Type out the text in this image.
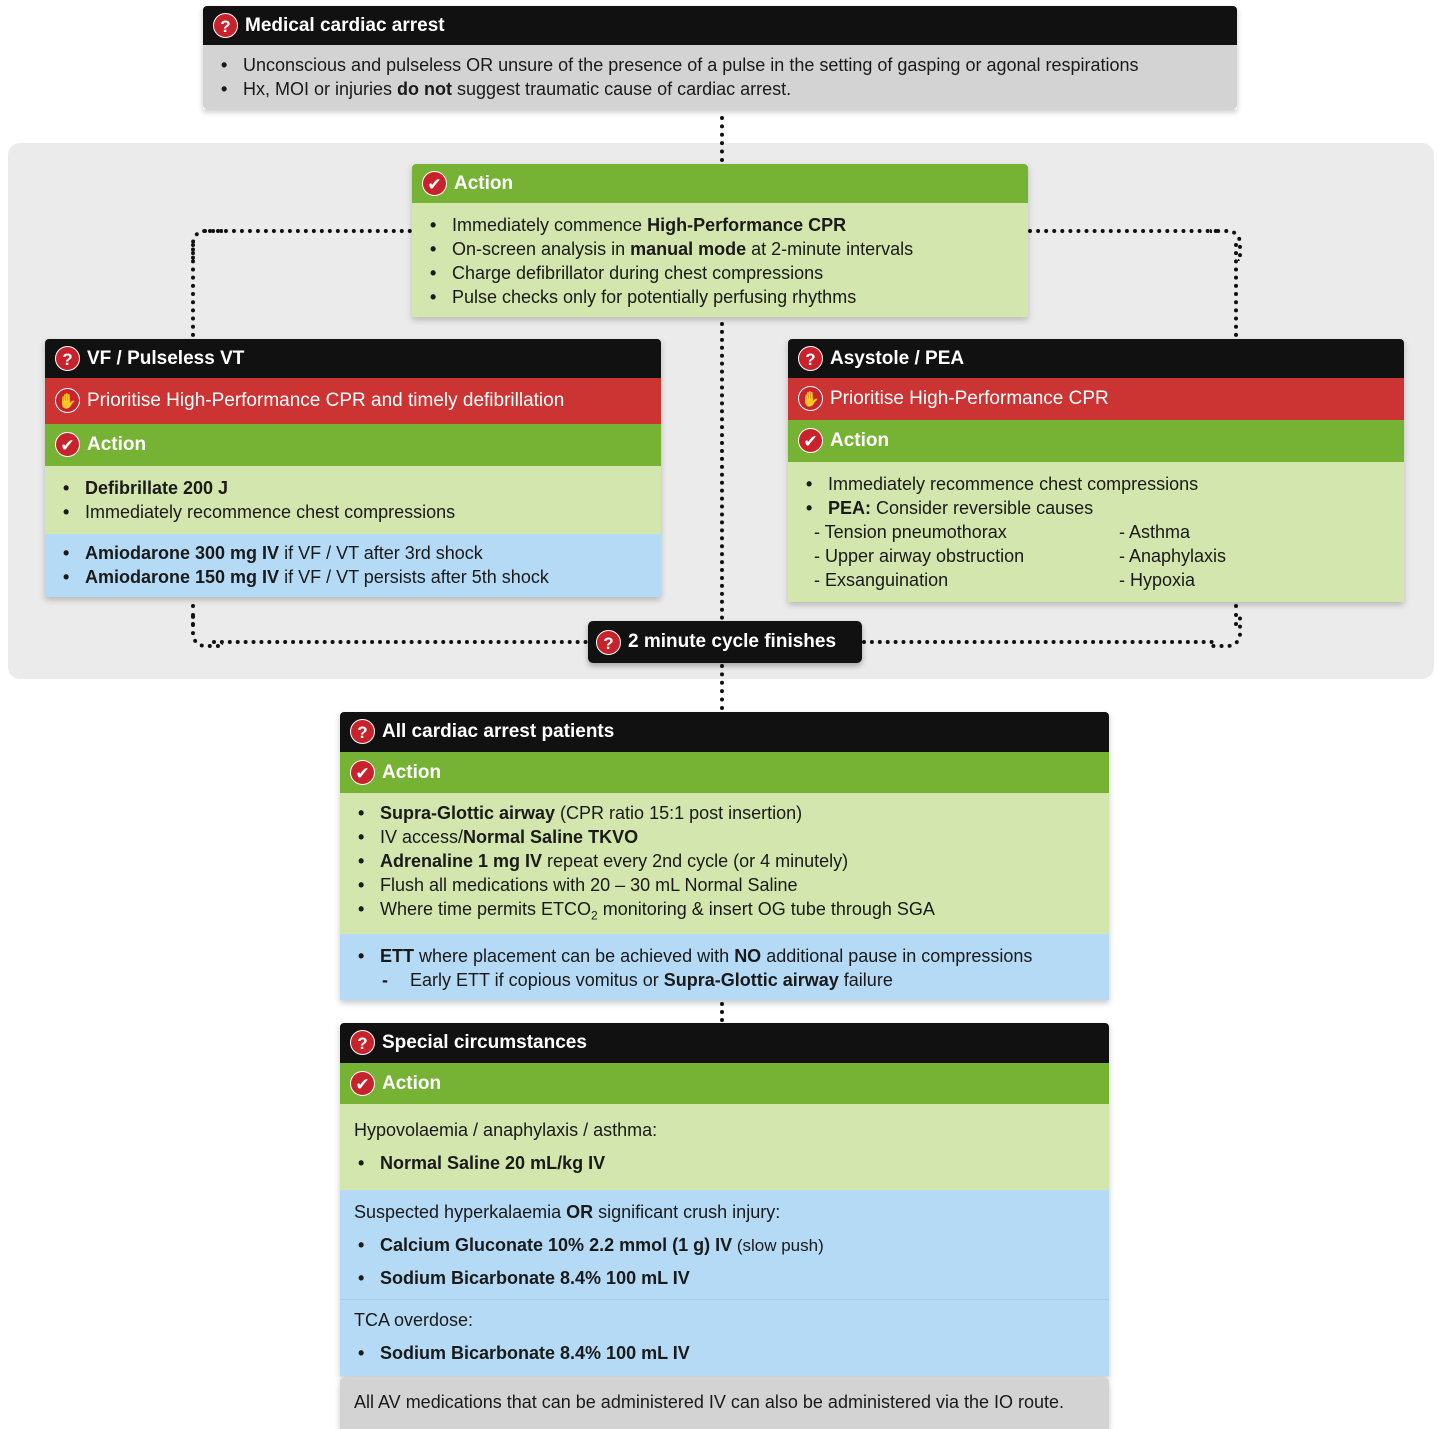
? Medical cardiac arrest
• Unconscious and pulseless OR unsure of the presence of a pulse in the setting of gasping or agonal respirations
• Hx, MOI or injuries do not suggest traumatic cause of cardiac arrest.
✔ Action
• Immediately commence High-Performance CPR
• On-screen analysis in manual mode at 2-minute intervals
• Charge defibrillator during chest compressions
• Pulse checks only for potentially perfusing rhythms
? VF / Pulseless VT
✋ Prioritise High-Performance CPR and timely defibrillation
✔ Action
• Defibrillate 200 J
• Immediately recommence chest compressions
• Amiodarone 300 mg IV if VF / VT after 3rd shock
• Amiodarone 150 mg IV if VF / VT persists after 5th shock
? Asystole / PEA
✋ Prioritise High-Performance CPR
✔ Action
• Immediately recommence chest compressions
• PEA: Consider reversible causes
- Tension pneumothorax
- Upper airway obstruction
- Exsanguination
- Asthma
- Anaphylaxis
- Hypoxia
? 2 minute cycle finishes
? All cardiac arrest patients
✔ Action
• Supra-Glottic airway (CPR ratio 15:1 post insertion)
• IV access/Normal Saline TKVO
• Adrenaline 1 mg IV repeat every 2nd cycle (or 4 minutely)
• Flush all medications with 20 – 30 mL Normal Saline
• Where time permits $ETCO_2$ monitoring & insert OG tube through SGA
• ETT where placement can be achieved with NO additional pause in compressions
- Early ETT if copious vomitus or Supra-Glottic airway failure
? Special circumstances
✔ Action
Hypovolaemia / anaphylaxis / asthma:
• Normal Saline 20 mL/kg IV
Suspected hyperkalaemia OR significant crush injury:
• Calcium Gluconate 10% 2.2 mmol (1 g) IV (slow push)
• Sodium Bicarbonate 8.4% 100 mL IV
TCA overdose:
• Sodium Bicarbonate 8.4% 100 mL IV
All AV medications that can be administered IV can also be administered via the IO route.
